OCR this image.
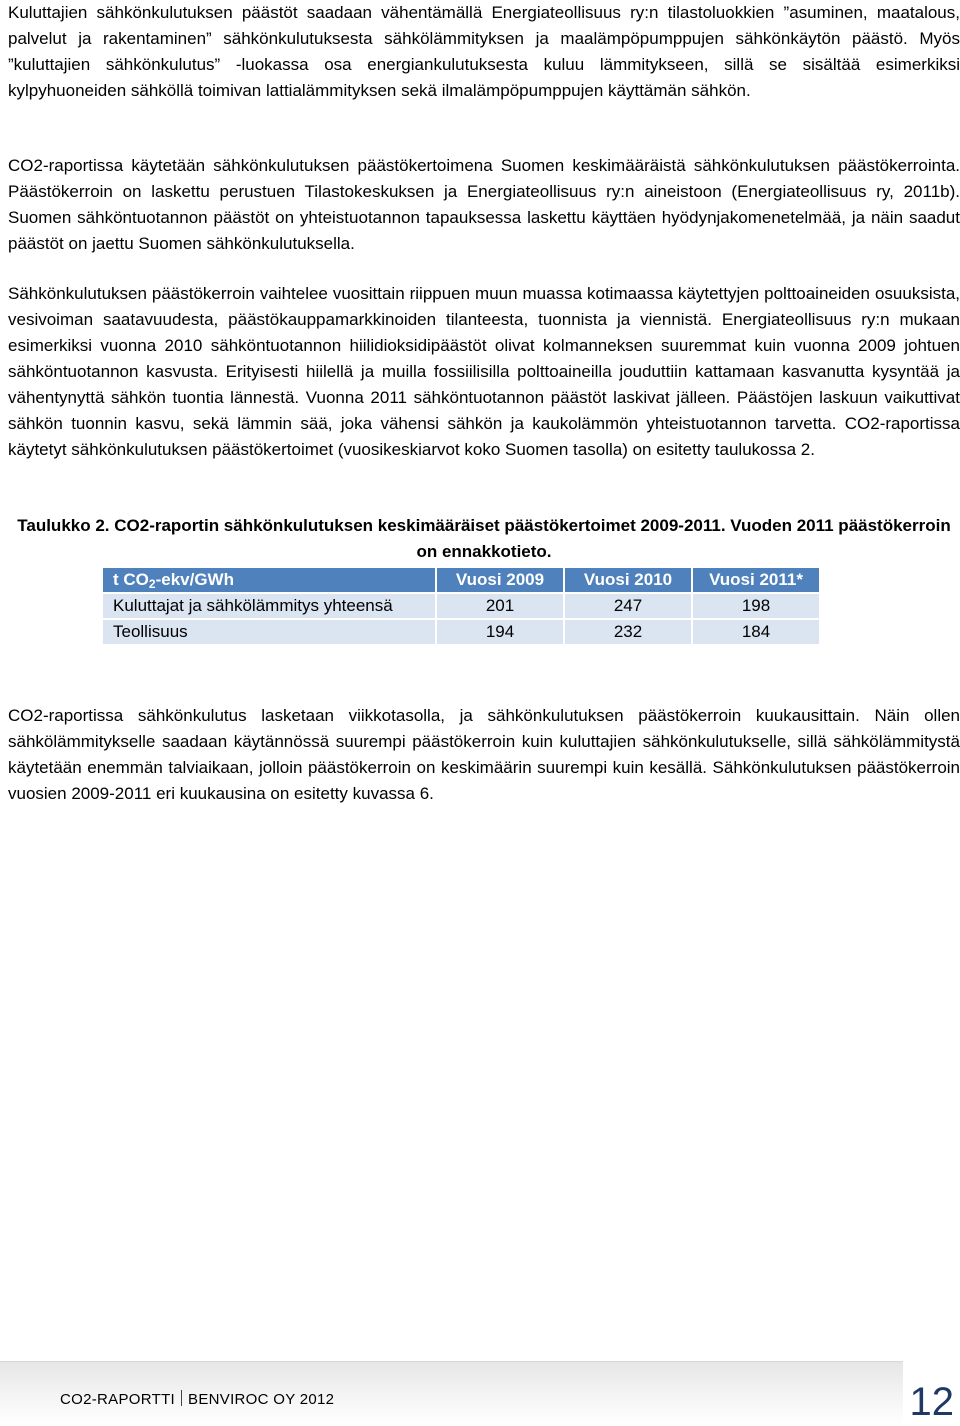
Kuluttajien sähkönkulutuksen päästöt saadaan vähentämällä Energiateollisuus ry:n tilastoluokkien ”asuminen, maatalous, palvelut ja rakentaminen” sähkönkulutuksesta sähkölämmityksen ja maalämpöpumppujen sähkönkäytön päästö. Myös ”kuluttajien sähkönkulutus” -luokassa osa energiankulutuksesta kuluu lämmitykseen, sillä se sisältää esimerkiksi kylpyhuoneiden sähköllä toimivan lattialämmityksen sekä ilmalämpöpumppujen käyttämän sähkön.

CO2-raportissa käytetään sähkönkulutuksen päästökertoimena Suomen keskimääräistä sähkönkulutuksen päästökerrointa. Päästökerroin on laskettu perustuen Tilastokeskuksen ja Energiateollisuus ry:n aineistoon (Energiateollisuus ry, 2011b). Suomen sähköntuotannon päästöt on yhteistuotannon tapauksessa laskettu käyttäen hyödynjakomenetelmää, ja näin saadut päästöt on jaettu Suomen sähkönkulutuksella.

Sähkönkulutuksen päästökerroin vaihtelee vuosittain riippuen muun muassa kotimaassa käytettyjen polttoaineiden osuuksista, vesivoiman saatavuudesta, päästökauppamarkkinoiden tilanteesta, tuonnista ja viennistä. Energiateollisuus ry:n mukaan esimerkiksi vuonna 2010 sähköntuotannon hiilidioksidipäästöt olivat kolmanneksen suuremmat kuin vuonna 2009 johtuen sähköntuotannon kasvusta. Erityisesti hiilellä ja muilla fossiilisilla polttoaineilla jouduttiin kattamaan kasvanutta kysyntää ja vähentynyttä sähkön tuontia lännestä. Vuonna 2011 sähköntuotannon päästöt laskivat jälleen. Päästöjen laskuun vaikuttivat sähkön tuonnin kasvu, sekä lämmin sää, joka vähensi sähkön ja kaukolämmön yhteistuotannon tarvetta. CO2-raportissa käytetyt sähkönkulutuksen päästökertoimet (vuosikeskiarvot koko Suomen tasolla) on esitetty taulukossa 2.

Taulukko 2. CO2-raportin sähkönkulutuksen keskimääräiset päästökertoimet 2009-2011. Vuoden 2011 päästökerroin on ennakkotieto.
t $CO_2-ekv$/GWh	Vuosi 2009	Vuosi 2010	Vuosi 2011*
Kuluttajat ja sähkölämmitys yhteensä	201	247	198
Teollisuus	194	232	184

CO2-raportissa sähkönkulutus lasketaan viikkotasolla, ja sähkönkulutuksen päästökerroin kuukausittain. Näin ollen sähkölämmitykselle saadaan käytännössä suurempi päästökerroin kuin kuluttajien sähkönkulutukselle, sillä sähkölämmitystä käytetään enemmän talviaikaan, jolloin päästökerroin on keskimäärin suurempi kuin kesällä. Sähkönkulutuksen päästökerroin vuosien 2009-2011 eri kuukausina on esitetty kuvassa 6.

CO2-RAPORTTI BENVIROC OY 2012	12
